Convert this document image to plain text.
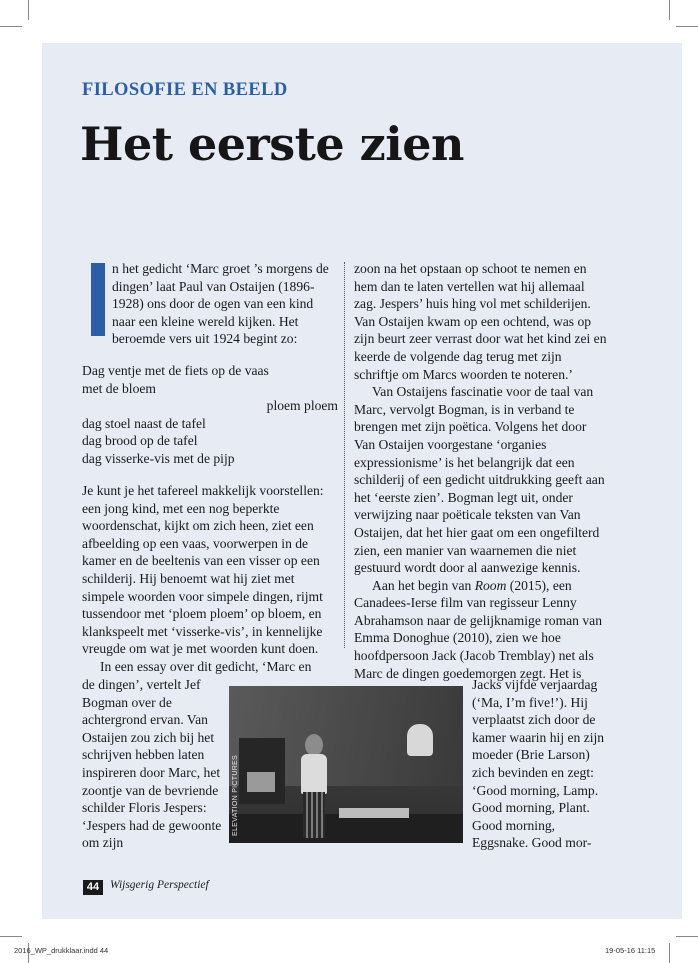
FILOSOFIE EN BEELD
Het eerste zien

n het gedicht ‘Marc groet ’s morgens de dingen’ laat Paul van Ostaijen (1896-1928) ons door de ogen van een kind naar een kleine wereld kijken. Het beroemde vers uit 1924 begint zo:

Dag ventje met de fiets op de vaas
met de bloem
ploem ploem
dag stoel naast de tafel
dag brood op de tafel
dag visserke-vis met de pijp

Je kunt je het tafereel makkelijk voorstellen: een jong kind, met een nog beperkte woordenschat, kijkt om zich heen, ziet een afbeelding op een vaas, voorwerpen in de kamer en de beeltenis van een visser op een schilderij. Hij benoemt wat hij ziet met simpele woorden voor simpele dingen, rijmt tussendoor met ‘ploem ploem’ op bloem, en klankspeelt met ‘visserke-vis’, in kennelijke vreugde om wat je met woorden kunt doen.

In een essay over dit gedicht, ‘Marc en

de dingen’, vertelt Jef Bogman over de achtergrond ervan. Van Ostaijen zou zich bij het schrijven hebben laten inspireren door Marc, het zoontje van de bevriende schilder Floris Jespers: ‘Jespers had de gewoonte om zijn

zoon na het opstaan op schoot te nemen en hem dan te laten vertellen wat hij allemaal zag. Jespers’ huis hing vol met schilderijen. Van Ostaijen kwam op een ochtend, was op zijn beurt zeer verrast door wat het kind zei en keerde de volgende dag terug met zijn schriftje om Marcs woorden te noteren.’

Van Ostaijens fascinatie voor de taal van Marc, vervolgt Bogman, is in verband te brengen met zijn poëtica. Volgens het door Van Ostaijen voorgestane ‘organies expressionisme’ is het belangrijk dat een schilderij of een gedicht uitdrukking geeft aan het ‘eerste zien’. Bogman legt uit, onder verwijzing naar poëticale teksten van Van Ostaijen, dat het hier gaat om een ongefilterd zien, een manier van waarnemen die niet gestuurd wordt door al aanwezige kennis.

Aan het begin van Room (2015), een Canadees-Ierse film van regisseur Lenny Abrahamson naar de gelijknamige roman van Emma Donoghue (2010), zien we hoe hoofdpersoon Jack (Jacob Tremblay) net als Marc de dingen goedemorgen zegt. Het is

Jacks vijfde verjaardag (‘Ma, I’m five!’). Hij verplaatst zich door de kamer waarin hij en zijn moeder (Brie Larson) zich bevinden en zegt: ‘Good morning, Lamp. Good morning, Plant. Good morning, Eggsnake. Good mor-

ELEVATION PICTURES
44 Wijsgerig Perspectief
2016_WP_drukklaar.indd 44	19-05-16 11:15
